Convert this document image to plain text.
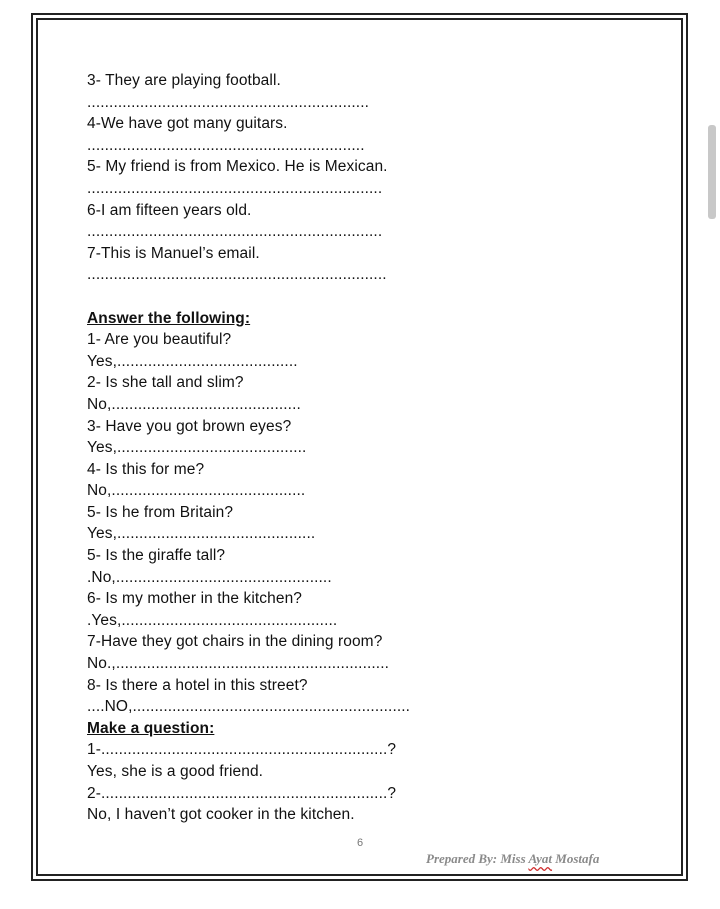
3- They are playing football.
................................................................
4-We have got many guitars.
...............................................................
5- My friend is from Mexico. He is Mexican.
...................................................................
6-I am fifteen years old.
...................................................................
7-This is Manuel’s email.
....................................................................
Answer the following:
1- Are you beautiful?
Yes,.........................................
2- Is she tall and slim?
No,...........................................
3- Have you got brown eyes?
Yes,...........................................
4- Is this for me?
No,............................................
5- Is he from Britain?
Yes,.............................................
5- Is the giraffe tall?
.No,.................................................
6- Is my mother in the kitchen?
.Yes,.................................................
7-Have they got chairs in the dining room?
No.,..............................................................
8- Is there a hotel in this street?
....NO,...............................................................
Make a question:
1-.................................................................?
Yes, she is a good friend.
2-.................................................................?
No, I haven’t got cooker in the kitchen.
6
Prepared By: Miss Ayat Mostafa
